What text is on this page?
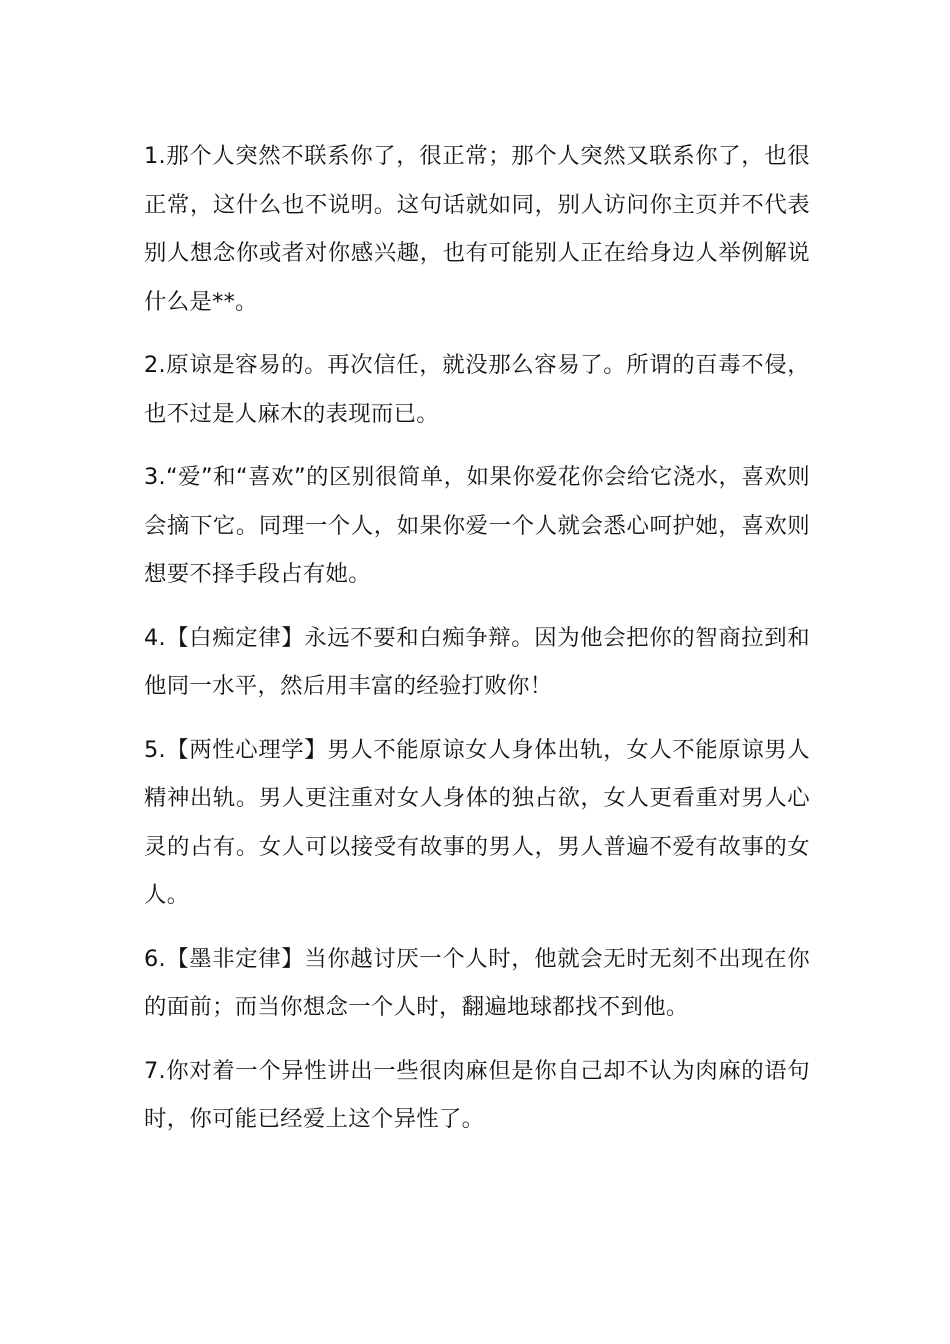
1.那个人突然不联系你了，很正常；那个人突然又联系你了，也很正常，这什么也不说明。这句话就如同，别人访问你主页并不代表别人想念你或者对你感兴趣，也有可能别人正在给身边人举例解说什么是**。

2.原谅是容易的。再次信任，就没那么容易了。所谓的百毒不侵，也不过是人麻木的表现而已。

3.“爱”和“喜欢”的区别很简单，如果你爱花你会给它浇水，喜欢则会摘下它。同理一个人，如果你爱一个人就会悉心呵护她，喜欢则想要不择手段占有她。

4.【白痴定律】永远不要和白痴争辩。因为他会把你的智商拉到和他同一水平，然后用丰富的经验打败你！

5.【两性心理学】男人不能原谅女人身体出轨，女人不能原谅男人精神出轨。男人更注重对女人身体的独占欲，女人更看重对男人心灵的占有。女人可以接受有故事的男人，男人普遍不爱有故事的女人。

6.【墨非定律】当你越讨厌一个人时，他就会无时无刻不出现在你的面前；而当你想念一个人时，翻遍地球都找不到他。

7.你对着一个异性讲出一些很肉麻但是你自己却不认为肉麻的语句时，你可能已经爱上这个异性了。
